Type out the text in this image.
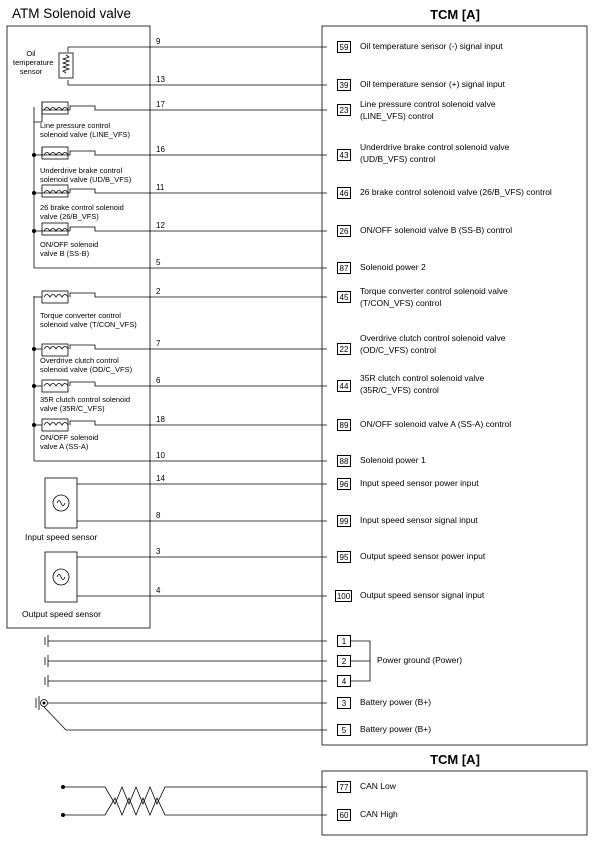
ATM Solenoid valve	TCM [A]
TCM [A]
9
13
17
16
11
12
5
2
7
6
18
10
14
8
3
4
59
39
23
43
46
26
87
45
22
44
89
88
96
99
95
100
1
2
4
3
5
77
60
Oil temperature sensor (-) signal input
Oil temperature sensor (+) signal input
Line pressure control solenoid valve
(LINE_VFS) control
Underdrive brake control solenoid valve
(UD/B_VFS) control
26 brake control solenoid valve (26/B_VFS) control
ON/OFF solenoid valve B (SS-B) control
Solenoid power 2
Torque converter control solenoid valve
(T/CON_VFS) control
Overdrive clutch control solenoid valve
(OD/C_VFS) control
35R clutch control solenoid valve
(35R/C_VFS) control
ON/OFF solenoid valve A (SS-A) control
Solenoid power 1
Input speed sensor power input
Input speed sensor signal input
Output speed sensor power input
Output speed sensor signal input
Power ground (Power)
Battery power (B+)
Battery power (B+)
CAN Low
CAN High
Oil
temperature
sensor
Line pressure control
solenoid valve (LINE_VFS)
Underdrive brake control
solenoid valve (UD/B_VFS)
26 brake control solenoid
valve (26/B_VFS)
ON/OFF solenoid
valve B (SS-B)
Torque converter control
solenoid valve (T/CON_VFS)
Overdrive clutch control
solenoid valve (OD/C_VFS)
35R clutch control solenoid
valve (35R/C_VFS)
ON/OFF solenoid
valve A (SS-A)
Input speed sensor
Output speed sensor
